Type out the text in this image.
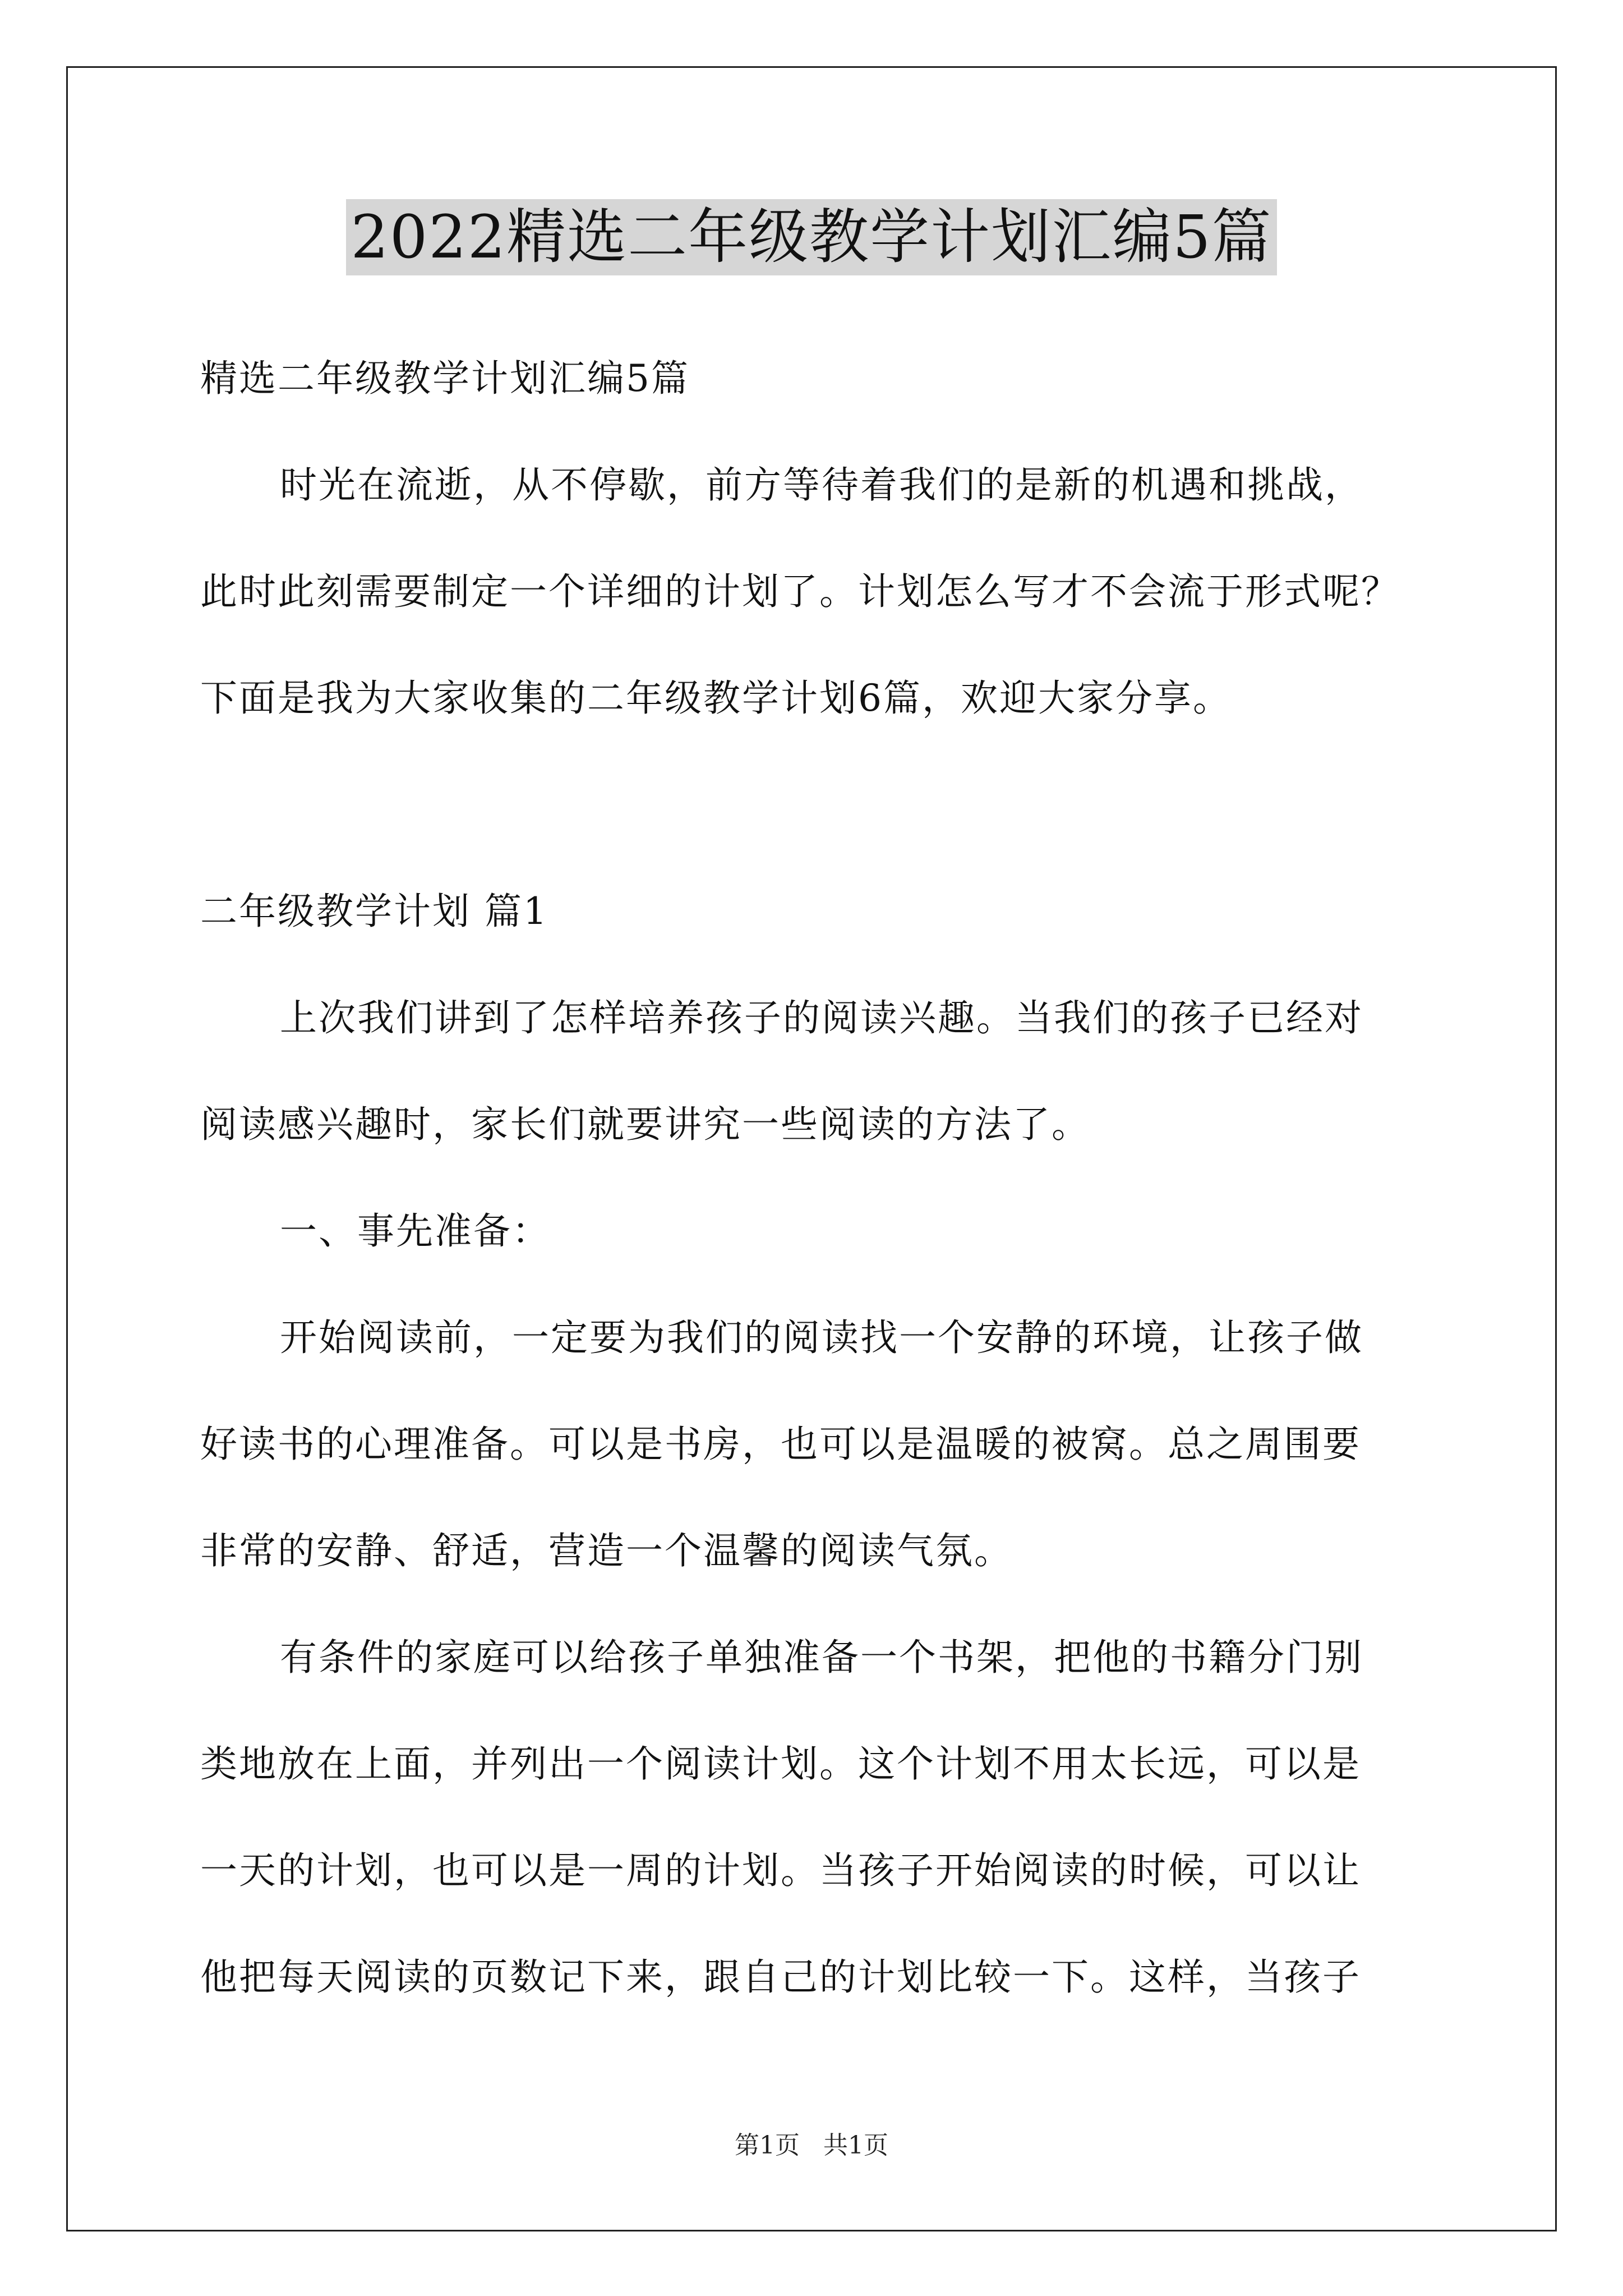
2022精选二年级教学计划汇编5篇
精选二年级教学计划汇编5篇
时光在流逝，从不停歇，前方等待着我们的是新的机遇和挑战，
此时此刻需要制定一个详细的计划了。计划怎么写才不会流于形式呢？
下面是我为大家收集的二年级教学计划6篇，欢迎大家分享。
二年级教学计划 篇1
上次我们讲到了怎样培养孩子的阅读兴趣。当我们的孩子已经对
阅读感兴趣时，家长们就要讲究一些阅读的方法了。
一、事先准备：
开始阅读前，一定要为我们的阅读找一个安静的环境，让孩子做
好读书的心理准备。可以是书房，也可以是温暖的被窝。总之周围要
非常的安静、舒适，营造一个温馨的阅读气氛。
有条件的家庭可以给孩子单独准备一个书架，把他的书籍分门别
类地放在上面，并列出一个阅读计划。这个计划不用太长远，可以是
一天的计划，也可以是一周的计划。当孩子开始阅读的时候，可以让
他把每天阅读的页数记下来，跟自己的计划比较一下。这样，当孩子
第1页 共1页
